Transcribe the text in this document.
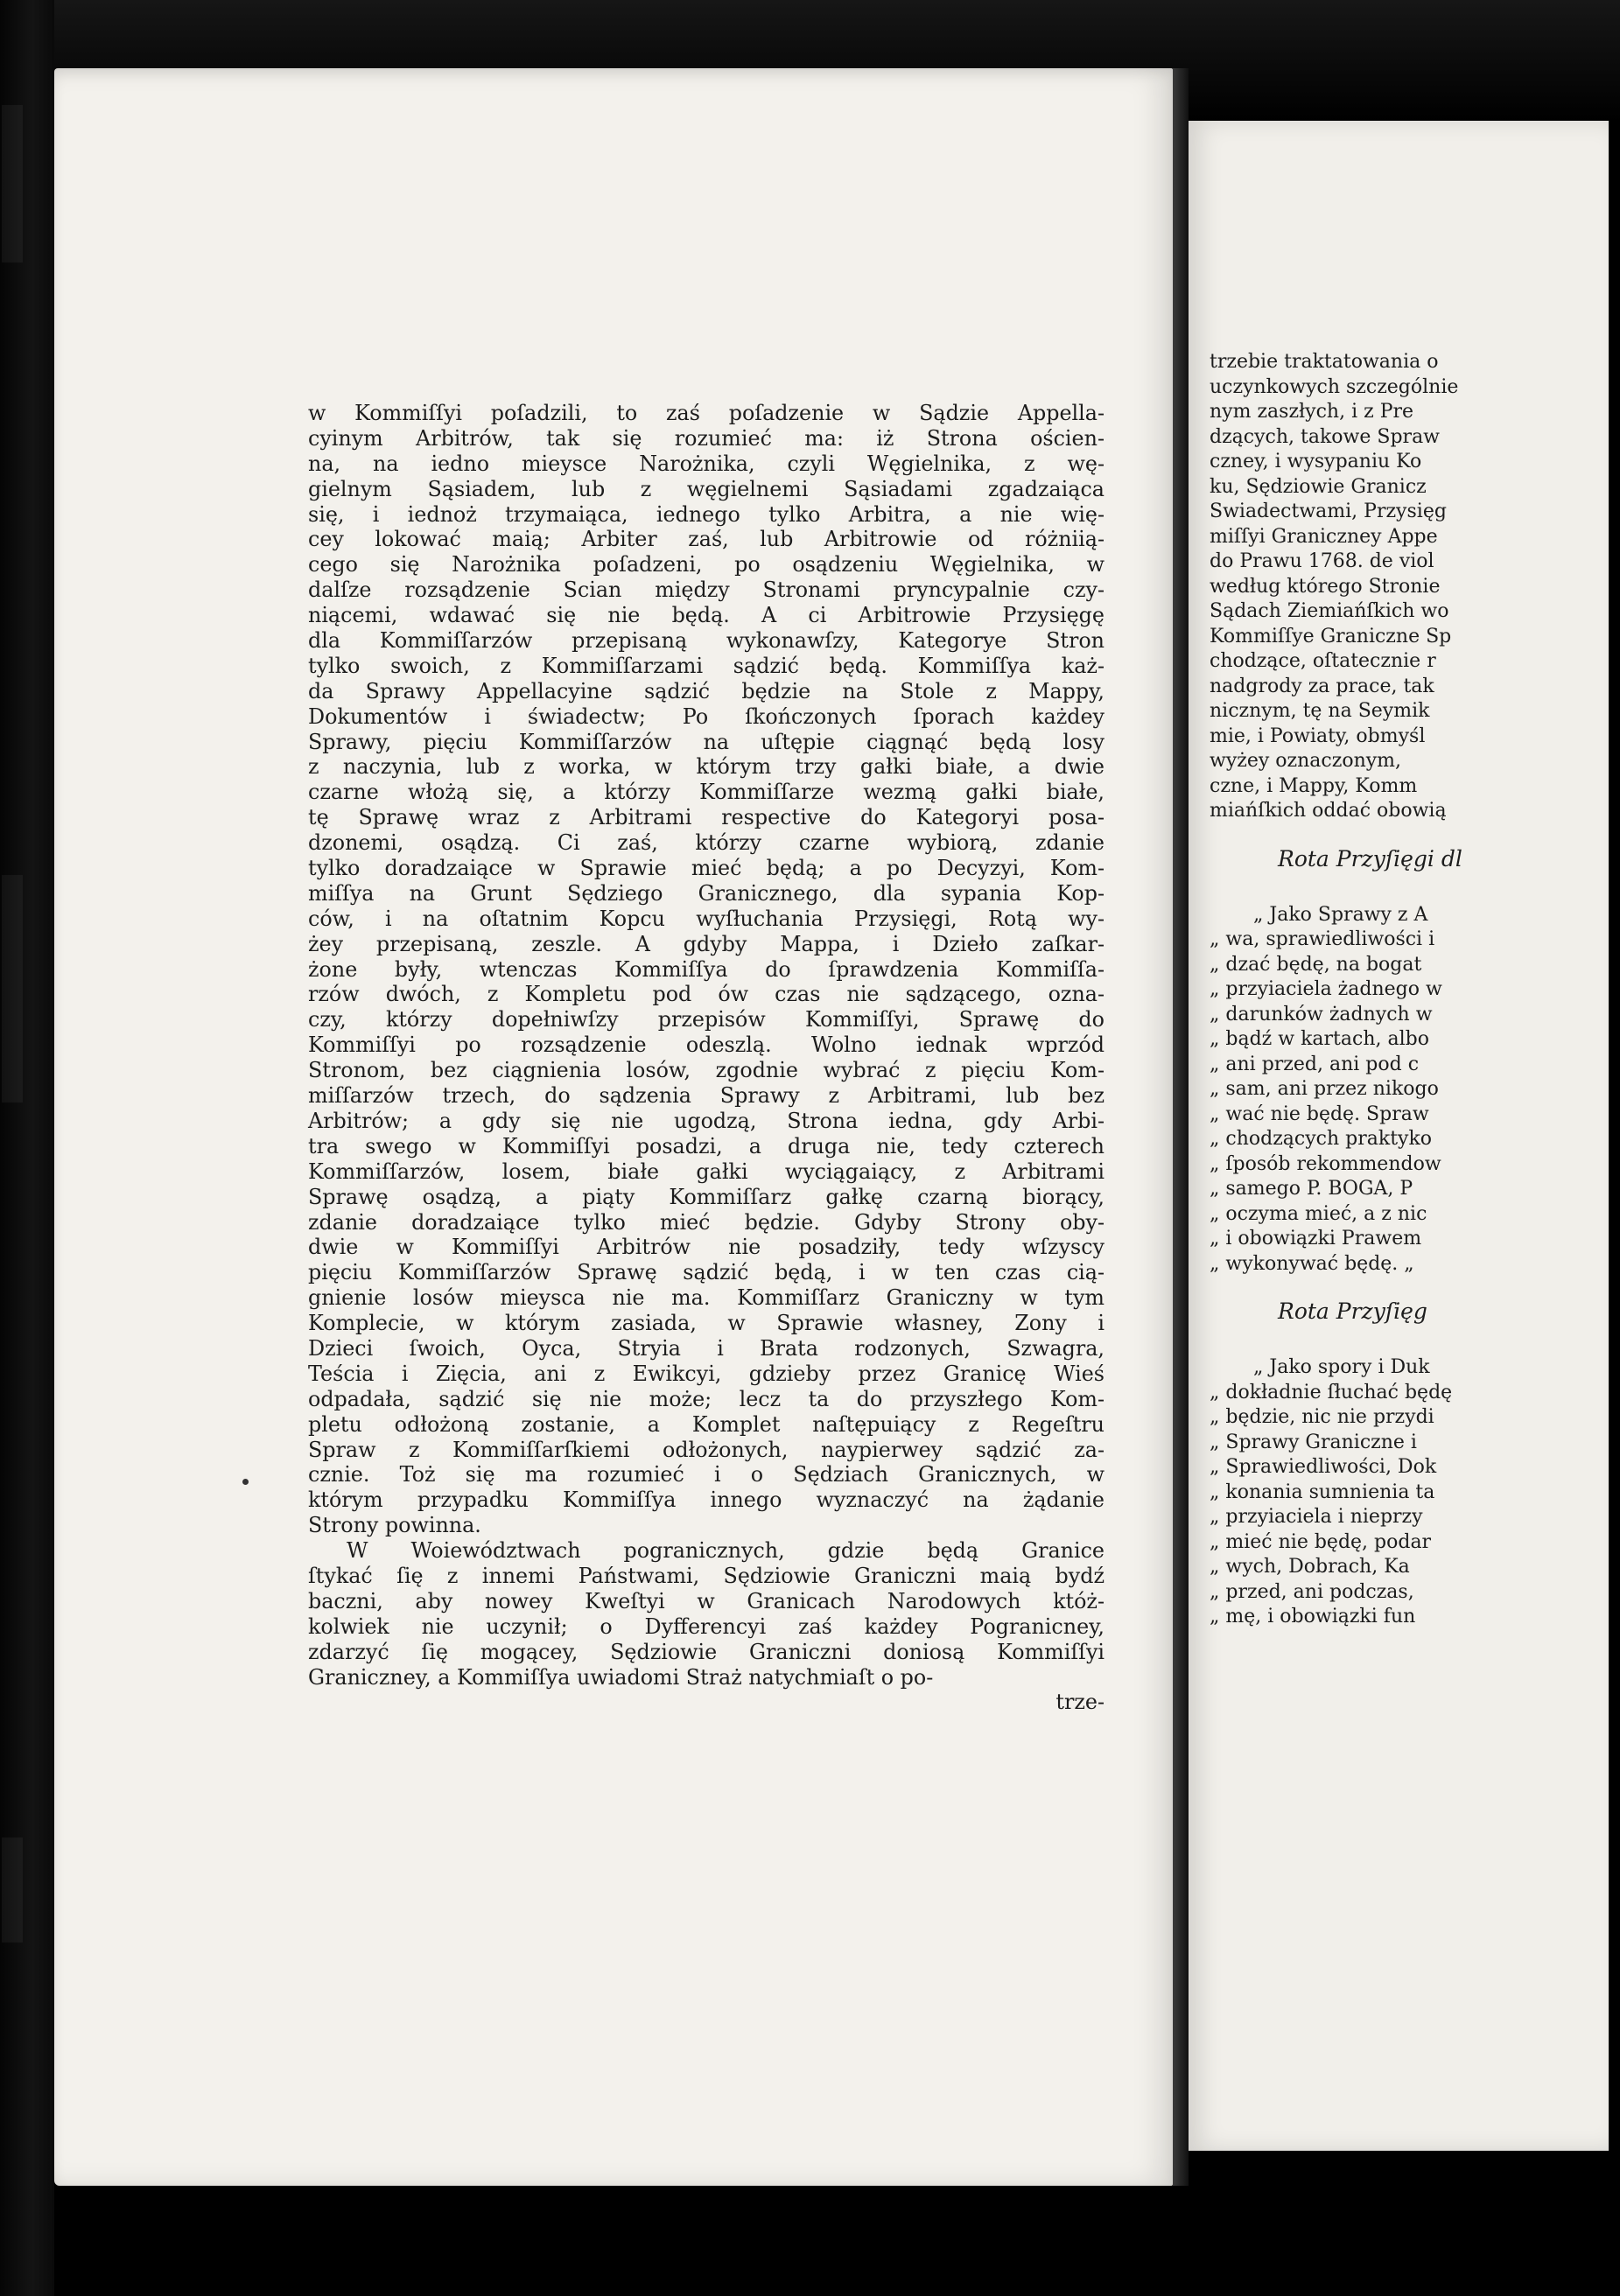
w Kommiſſyi poſadzili, to zaś poſadzenie w Sądzie Appella-
cyinym Arbitrów, tak się rozumieć ma: iż Strona ościen-
na, na iedno mieysce Narożnika, czyli Węgielnika, z wę-
gielnym Sąsiadem, lub z węgielnemi Sąsiadami zgadzaiąca
się, i iednoż trzymaiąca, iednego tylko Arbitra, a nie wię-
cey lokować maią; Arbiter zaś, lub Arbitrowie od różniią-
cego się Narożnika poſadzeni, po osądzeniu Węgielnika, w
dalſze rozsądzenie Scian między Stronami pryncypalnie czy-
niącemi, wdawać się nie będą. A ci Arbitrowie Przysięgę
dla Kommiſſarzów przepisaną wykonawſzy, Kategorye Stron
tylko swoich, z Kommiſſarzami sądzić będą. Kommiſſya każ-
da Sprawy Appellacyine sądzić będzie na Stole z Mappy,
Dokumentów i świadectw; Po ſkończonych ſporach każdey
Sprawy, pięciu Kommiſſarzów na uſtępie ciągnąć będą losy
z naczynia, lub z worka, w którym trzy gałki białe, a dwie
czarne włożą się, a którzy Kommiſſarze wezmą gałki białe,
tę Sprawę wraz z Arbitrami respective do Kategoryi posa-
dzonemi, osądzą. Ci zaś, którzy czarne wybiorą, zdanie
tylko doradzaiące w Sprawie mieć będą; a po Decyzyi, Kom-
miſſya na Grunt Sędziego Granicznego, dla sypania Kop-
ców, i na oſtatnim Kopcu wyſłuchania Przysięgi, Rotą wy-
żey przepisaną, zeszle. A gdyby Mappa, i Dzieło zaſkar-
żone były, wtenczas Kommiſſya do ſprawdzenia Kommiſſa-
rzów dwóch, z Kompletu pod ów czas nie sądzącego, ozna-
czy, którzy dopełniwſzy przepisów Kommiſſyi, Sprawę do
Kommiſſyi po rozsądzenie odeszlą. Wolno iednak wprzód
Stronom, bez ciągnienia losów, zgodnie wybrać z pięciu Kom-
miſſarzów trzech, do sądzenia Sprawy z Arbitrami, lub bez
Arbitrów; a gdy się nie ugodzą, Strona iedna, gdy Arbi-
tra swego w Kommiſſyi posadzi, a druga nie, tedy czterech
Kommiſſarzów, losem, białe gałki wyciągaiący, z Arbitrami
Sprawę osądzą, a piąty Kommiſſarz gałkę czarną biorący,
zdanie doradzaiące tylko mieć będzie. Gdyby Strony oby-
dwie w Kommiſſyi Arbitrów nie posadziły, tedy wſzyscy
pięciu Kommiſſarzów Sprawę sądzić będą, i w ten czas cią-
gnienie losów mieysca nie ma. Kommiſſarz Graniczny w tym
Komplecie, w którym zasiada, w Sprawie własney, Zony i
Dzieci ſwoich, Oyca, Stryia i Brata rodzonych, Szwagra,
Teścia i Zięcia, ani z Ewikcyi, gdzieby przez Granicę Wieś
odpadała, sądzić się nie może; lecz ta do przyszłego Kom-
pletu odłożoną zostanie, a Komplet naſtępuiący z Regeſtru
Spraw z Kommiſſarſkiemi odłożonych, naypierwey sądzić za-
cznie. Toż się ma rozumieć i o Sędziach Granicznych, w
którym przypadku Kommiſſya innego wyznaczyć na żądanie
Strony powinna.
W Woiewództwach pogranicznych, gdzie będą Granice
ſtykać ſię z innemi Państwami, Sędziowie Graniczni maią bydź
baczni, aby nowey Kweſtyi w Granicach Narodowych któż-
kolwiek nie uczynił; o Dyfferencyi zaś każdey Pogranicney,
zdarzyć ſię mogącey, Sędziowie Graniczni doniosą Kommiſſyi
Graniczney, a Kommiſſya uwiadomi Straż natychmiaſt o po-
trze-
trzebie traktatowania o
uczynkowych szczególnie
nym zaszłych, i z Pre
dzących, takowe Spraw
czney, i wysypaniu Ko
ku, Sędziowie Granicz
Swiadectwami, Przysięg
miſſyi Graniczney Appe
do Prawu 1768. de viol
według którego Stronie
Sądach Ziemiańſkich wo
Kommiſſye Graniczne Sp
chodzące, oſtatecznie r
nadgrody za prace, tak
nicznym, tę na Seymik
mie, i Powiaty, obmyśl
wyżey oznaczonym,
czne, i Mappy, Komm
miańſkich oddać obowią
Rota Przyſięgi dl
„ Jako Sprawy z A
„ wa, sprawiedliwości i
„ dzać będę, na bogat
„ przyiaciela żadnego w
„ darunków żadnych w
„ bądź w kartach, albo
„ ani przed, ani pod c
„ sam, ani przez nikogo
„ wać nie będę. Spraw
„ chodzących praktyko
„ ſposób rekommendow
„ samego P. BOGA, P
„ oczyma mieć, a z nic
„ i obowiązki Prawem
„ wykonywać będę. „
Rota Przyſięg
„ Jako spory i Duk
„ dokładnie ſłuchać będę
„ będzie, nic nie przydi
„ Sprawy Graniczne i
„ Sprawiedliwości, Dok
„ konania sumnienia ta
„ przyiaciela i nieprzy
„ mieć nie będę, podar
„ wych, Dobrach, Ka
„ przed, ani podczas,
„ mę, i obowiązki fun
